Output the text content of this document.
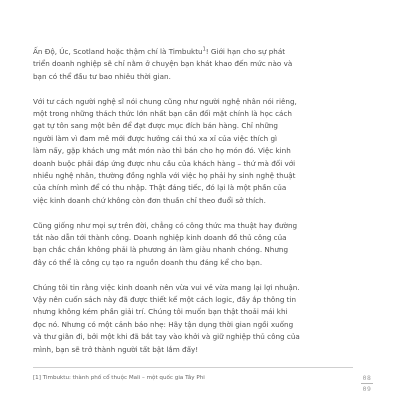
Ấn Độ, Úc, Scotland hoặc thậm chí là Timbuktu$^1$! Giới hạn cho sự phát
triển doanh nghiệp sẽ chỉ nằm ở chuyện bạn khát khao đến mức nào và
bạn có thể đầu tư bao nhiêu thời gian.

Với tư cách người nghệ sĩ nói chung cũng như người nghệ nhân nói riêng,
một trong những thách thức lớn nhất bạn cần đối mặt chính là học cách
gạt tự tôn sang một bên để đạt được mục đích bán hàng. Chỉ những
người làm vì đam mê mới được hưởng cái thú xa xỉ của việc thích gì
làm nấy, gặp khách ưng mắt món nào thì bán cho họ món đó. Việc kinh
doanh buộc phải đáp ứng được nhu cầu của khách hàng – thứ mà đối với
nhiều nghệ nhân, thường đồng nghĩa với việc họ phải hy sinh nghệ thuật
của chính mình để có thu nhập. Thật đáng tiếc, đó lại là một phần của
việc kinh doanh chứ không còn đơn thuần chỉ theo đuổi sở thích.

Cũng giống như mọi sự trên đời, chẳng có công thức ma thuật hay đường
tắt nào dẫn tới thành công. Doanh nghiệp kinh doanh đồ thủ công của
bạn chắc chắn không phải là phương án làm giàu nhanh chóng. Nhưng
đây có thể là công cụ tạo ra nguồn doanh thu đáng kể cho bạn.

Chúng tôi tin rằng việc kinh doanh nên vừa vui vẻ vừa mang lại lợi nhuận.
Vậy nên cuốn sách này đã được thiết kế một cách logic, đầy ắp thông tin
nhưng không kém phần giải trí. Chúng tôi muốn bạn thật thoải mái khi
đọc nó. Nhưng có một cảnh báo nhẹ: Hãy tận dụng thời gian ngồi xuống
và thư giãn đi, bởi một khi đã bắt tay vào khởi và giữ nghiệp thủ công của
mình, bạn sẽ trở thành người tất bật lắm đấy!

[1] Timbuktu: thành phố cổ thuộc Mali – một quốc gia Tây Phi	08
09
